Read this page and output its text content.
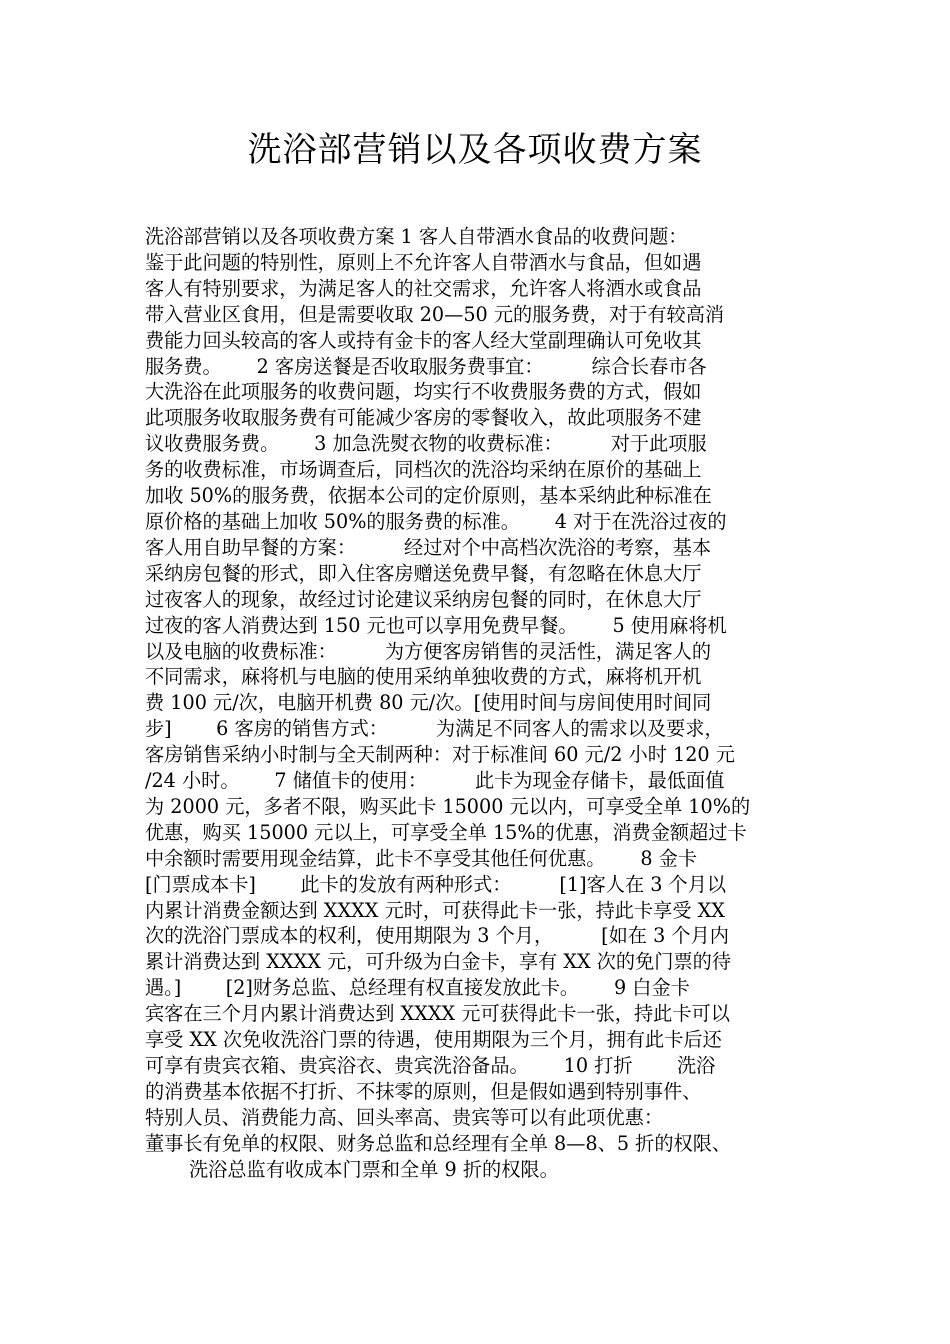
洗浴部营销以及各项收费方案
洗浴部营销以及各项收费方案 1 客人自带酒水食品的收费问题：
鉴于此问题的特别性，原则上不允许客人自带酒水与食品，但如遇
客人有特别要求，为满足客人的社交需求，允许客人将酒水或食品
带入营业区食用，但是需要收取 20—50 元的服务费，对于有较高消
费能力回头较高的客人或持有金卡的客人经大堂副理确认可免收其
服务费。　　 2 客房送餐是否收取服务费事宜：　　　综合长春市各
大洗浴在此项服务的收费问题，均实行不收费服务费的方式，假如
此项服务收取服务费有可能减少客房的零餐收入，故此项服务不建
议收费服务费。　　 3 加急洗熨衣物的收费标准：　　　对于此项服
务的收费标准，市场调查后，同档次的洗浴均采纳在原价的基础上
加收 50%的服务费，依据本公司的定价原则，基本采纳此种标准在
原价格的基础上加收 50%的服务费的标准。　　 4 对于在洗浴过夜的
客人用自助早餐的方案：　　　经过对个中高档次洗浴的考察，基本
采纳房包餐的形式，即入住客房赠送免费早餐，有忽略在休息大厅
过夜客人的现象，故经过讨论建议采纳房包餐的同时，在休息大厅
过夜的客人消费达到 150 元也可以享用免费早餐。　　 5 使用麻将机
以及电脑的收费标准：　　　为方便客房销售的灵活性，满足客人的
不同需求，麻将机与电脑的使用采纳单独收费的方式，麻将机开机
费 100 元/次，电脑开机费 80 元/次。[使用时间与房间使用时间同
步]　　 6 客房的销售方式：　　　为满足不同客人的需求以及要求，
客房销售采纳小时制与全天制两种：对于标准间 60 元/2 小时 120 元
/24 小时。　　 7 储值卡的使用：　　　此卡为现金存储卡，最低面值
为 2000 元，多者不限，购买此卡 15000 元以内，可享受全单 10%的
优惠，购买 15000 元以上，可享受全单 15%的优惠，消费金额超过卡
中余额时需要用现金结算，此卡不享受其他任何优惠。　　 8 金卡
[门票成本卡]　　 此卡的发放有两种形式：　　　[1]客人在 3 个月以
内累计消费金额达到 XXXX 元时，可获得此卡一张，持此卡享受 XX
次的洗浴门票成本的权利，使用期限为 3 个月，　　　[如在 3 个月内
累计消费达到 XXXX 元，可升级为白金卡，享有 XX 次的免门票的待
遇。]　　 [2]财务总监、总经理有权直接发放此卡。　　 9 白金卡
宾客在三个月内累计消费达到 XXXX 元可获得此卡一张，持此卡可以
享受 XX 次免收洗浴门票的待遇，使用期限为三个月，拥有此卡后还
可享有贵宾衣箱、贵宾浴衣、贵宾洗浴备品。　　 10 打折　　 洗浴
的消费基本依据不打折、不抹零的原则，但是假如遇到特别事件、
特别人员、消费能力高、回头率高、贵宾等可以有此项优惠：
董事长有免单的权限、财务总监和总经理有全单 8—8、5 折的权限、
洗浴总监有收成本门票和全单 9 折的权限。
